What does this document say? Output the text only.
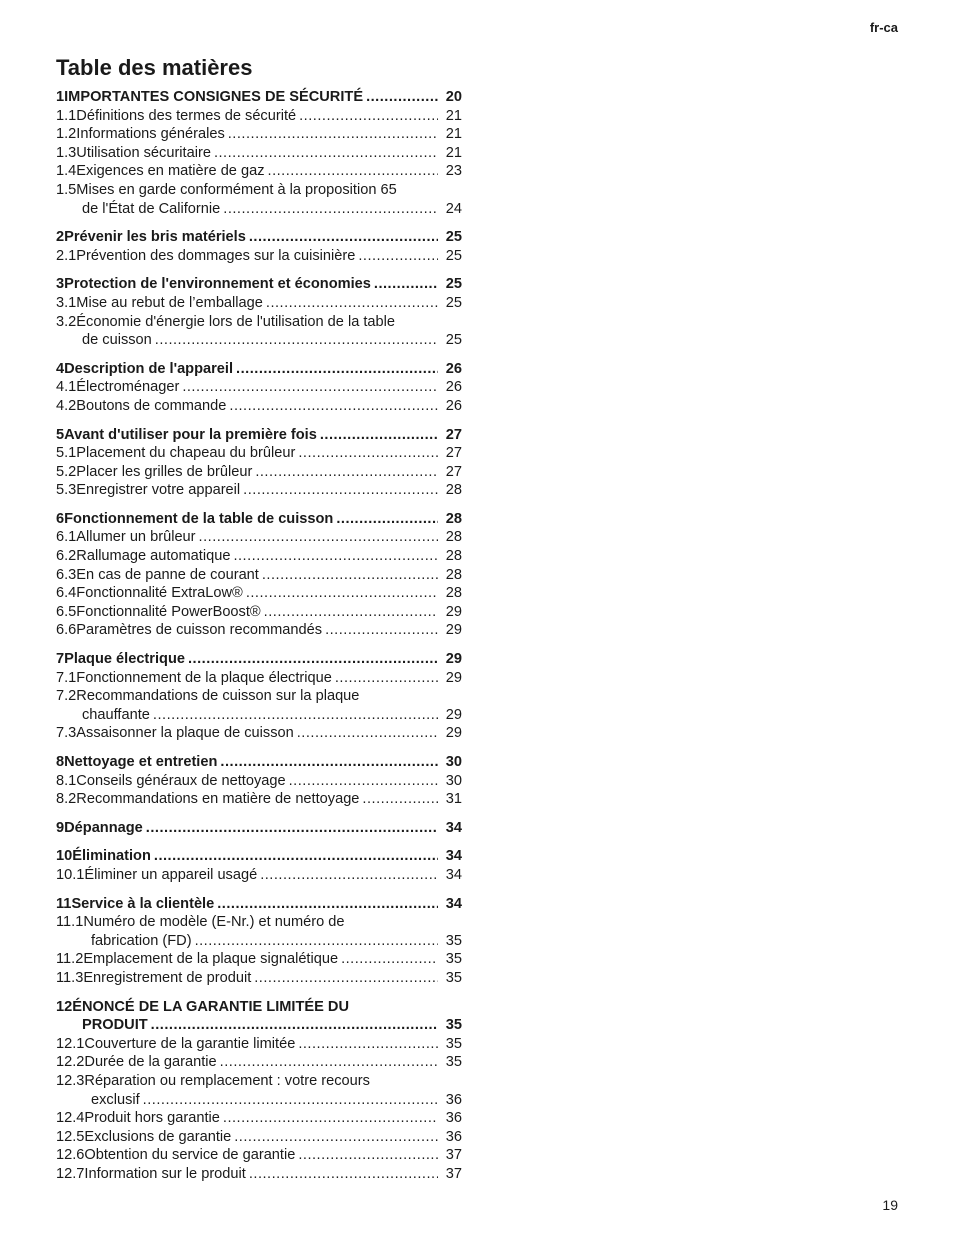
fr-ca
Table des matières
1 IMPORTANTES CONSIGNES DE SÉCURITÉ .....	20
1.1 Définitions des termes de sécurité .....	21
1.2 Informations générales .....	21
1.3 Utilisation sécuritaire .....	21
1.4 Exigences en matière de gaz .....	23
1.5 Mises en garde conformément à la proposition 65
de l'État de Californie .....	24
2 Prévenir les bris matériels .....	25
2.1 Prévention des dommages sur la cuisinière .....	25
3 Protection de l'environnement et économies .....	25
3.1 Mise au rebut de l’emballage .....	25
3.2 Économie d'énergie lors de l'utilisation de la table
de cuisson .....	25
4 Description de l'appareil .....	26
4.1 Électroménager .....	26
4.2 Boutons de commande .....	26
5 Avant d'utiliser pour la première fois .....	27
5.1 Placement du chapeau du brûleur .....	27
5.2 Placer les grilles de brûleur .....	27
5.3 Enregistrer votre appareil .....	28
6 Fonctionnement de la table de cuisson .....	28
6.1 Allumer un brûleur .....	28
6.2 Rallumage automatique .....	28
6.3 En cas de panne de courant .....	28
6.4 Fonctionnalité ExtraLow® .....	28
6.5 Fonctionnalité PowerBoost® .....	29
6.6 Paramètres de cuisson recommandés .....	29
7 Plaque électrique .....	29
7.1 Fonctionnement de la plaque électrique .....	29
7.2 Recommandations de cuisson sur la plaque
chauffante .....	29
7.3 Assaisonner la plaque de cuisson .....	29
8 Nettoyage et entretien .....	30
8.1 Conseils généraux de nettoyage .....	30
8.2 Recommandations en matière de nettoyage .....	31
9 Dépannage .....	34
10 Élimination .....	34
10.1 Éliminer un appareil usagé .....	34
11 Service à la clientèle .....	34
11.1 Numéro de modèle (E-Nr.) et numéro de
fabrication (FD) .....	35
11.2 Emplacement de la plaque signalétique .....	35
11.3 Enregistrement de produit .....	35
12 ÉNONCÉ DE LA GARANTIE LIMITÉE DU
PRODUIT .....	35
12.1 Couverture de la garantie limitée .....	35
12.2 Durée de la garantie .....	35
12.3 Réparation ou remplacement : votre recours
exclusif .....	36
12.4 Produit hors garantie .....	36
12.5 Exclusions de garantie .....	36
12.6 Obtention du service de garantie .....	37
12.7 Information sur le produit .....	37
19
